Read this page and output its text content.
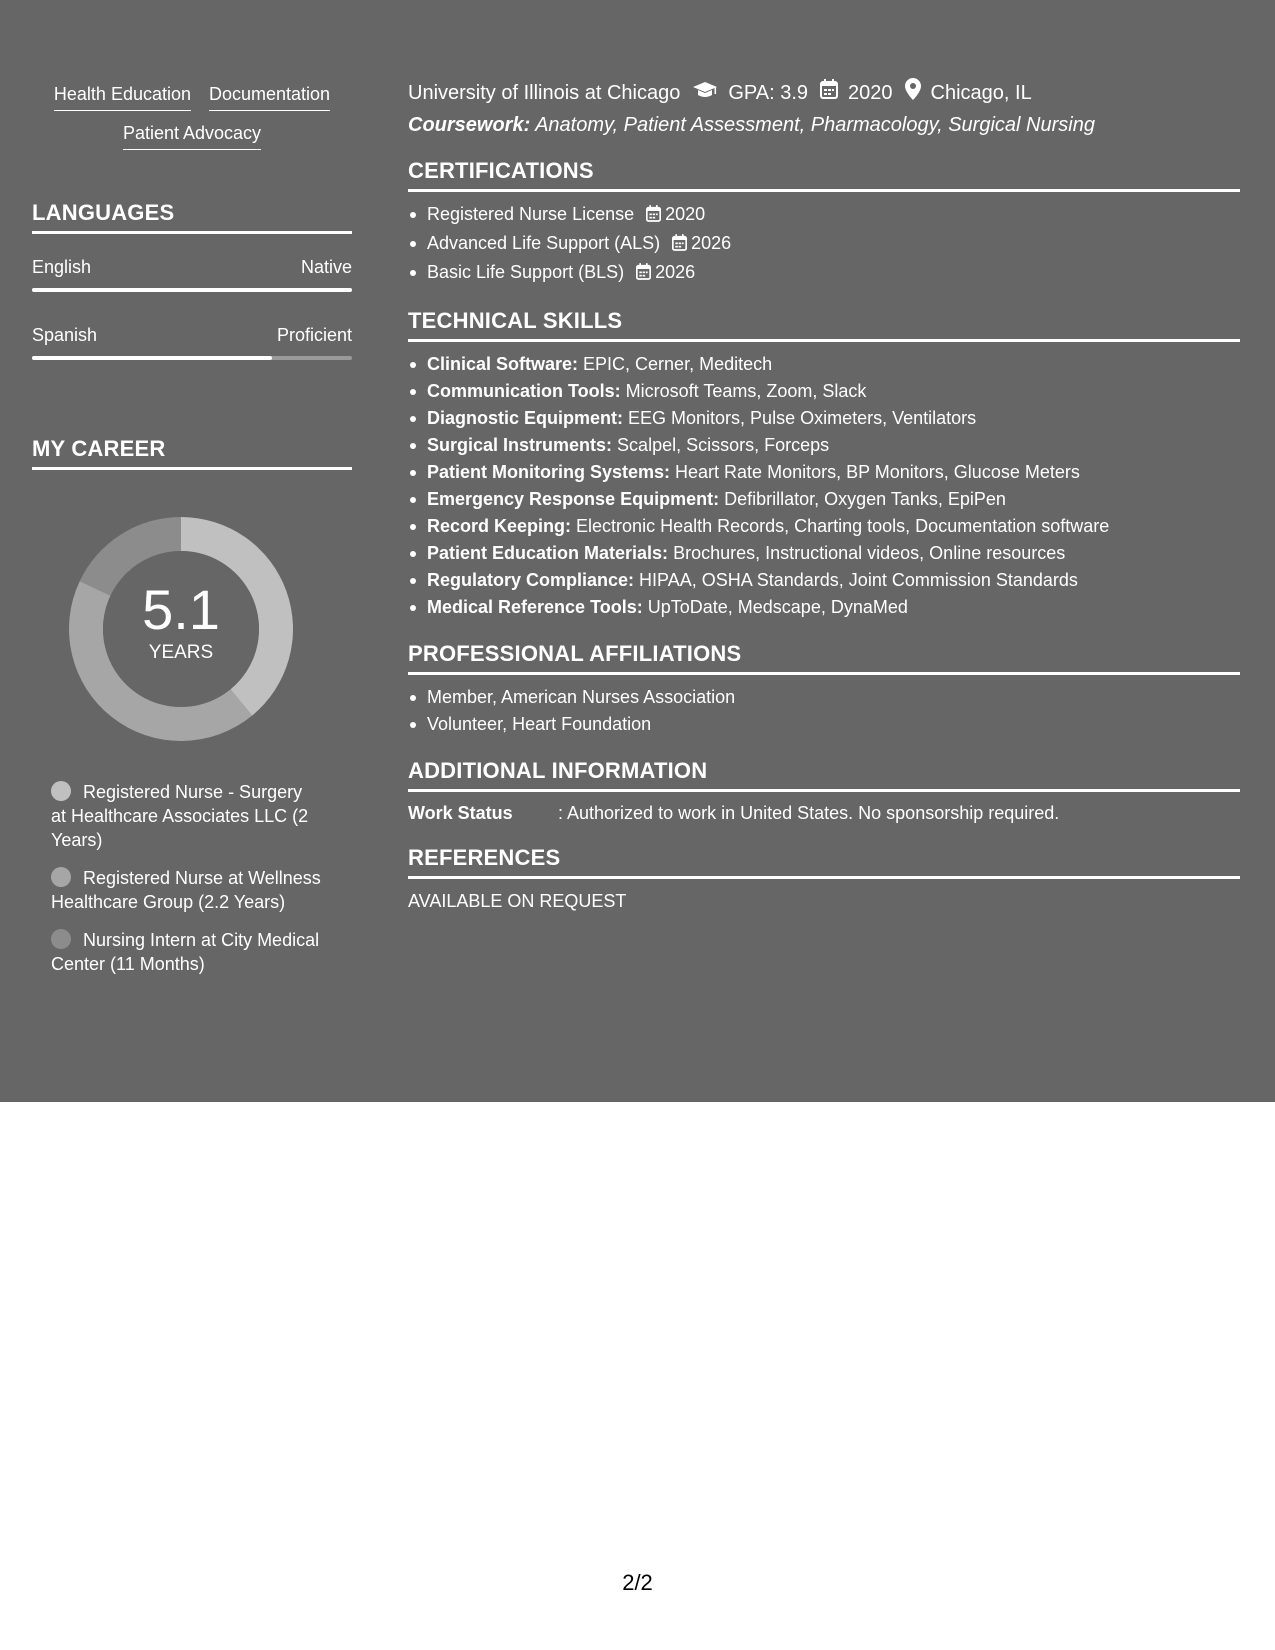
Health Education Documentation
Patient Advocacy
LANGUAGES
English	Native
Spanish	Proficient
MY CAREER
5.1
YEARS
Registered Nurse - Surgery at Healthcare Associates LLC (2 Years)
Registered Nurse at Wellness Healthcare Group (2.2 Years)
Nursing Intern at City Medical Center (11 Months)
University of Illinois at Chicago GPA: 3.9 2020 Chicago, IL
Coursework: Anatomy, Patient Assessment, Pharmacology, Surgical Nursing
CERTIFICATIONS
Registered Nurse License 2020
Advanced Life Support (ALS) 2026
Basic Life Support (BLS) 2026
TECHNICAL SKILLS
Clinical Software: EPIC, Cerner, Meditech
Communication Tools: Microsoft Teams, Zoom, Slack
Diagnostic Equipment: EEG Monitors, Pulse Oximeters, Ventilators
Surgical Instruments: Scalpel, Scissors, Forceps
Patient Monitoring Systems: Heart Rate Monitors, BP Monitors, Glucose Meters
Emergency Response Equipment: Defibrillator, Oxygen Tanks, EpiPen
Record Keeping: Electronic Health Records, Charting tools, Documentation software
Patient Education Materials: Brochures, Instructional videos, Online resources
Regulatory Compliance: HIPAA, OSHA Standards, Joint Commission Standards
Medical Reference Tools: UpToDate, Medscape, DynaMed
PROFESSIONAL AFFILIATIONS
Member, American Nurses Association
Volunteer, Heart Foundation
ADDITIONAL INFORMATION
Work Status	: Authorized to work in United States. No sponsorship required.
REFERENCES
AVAILABLE ON REQUEST
2/2
